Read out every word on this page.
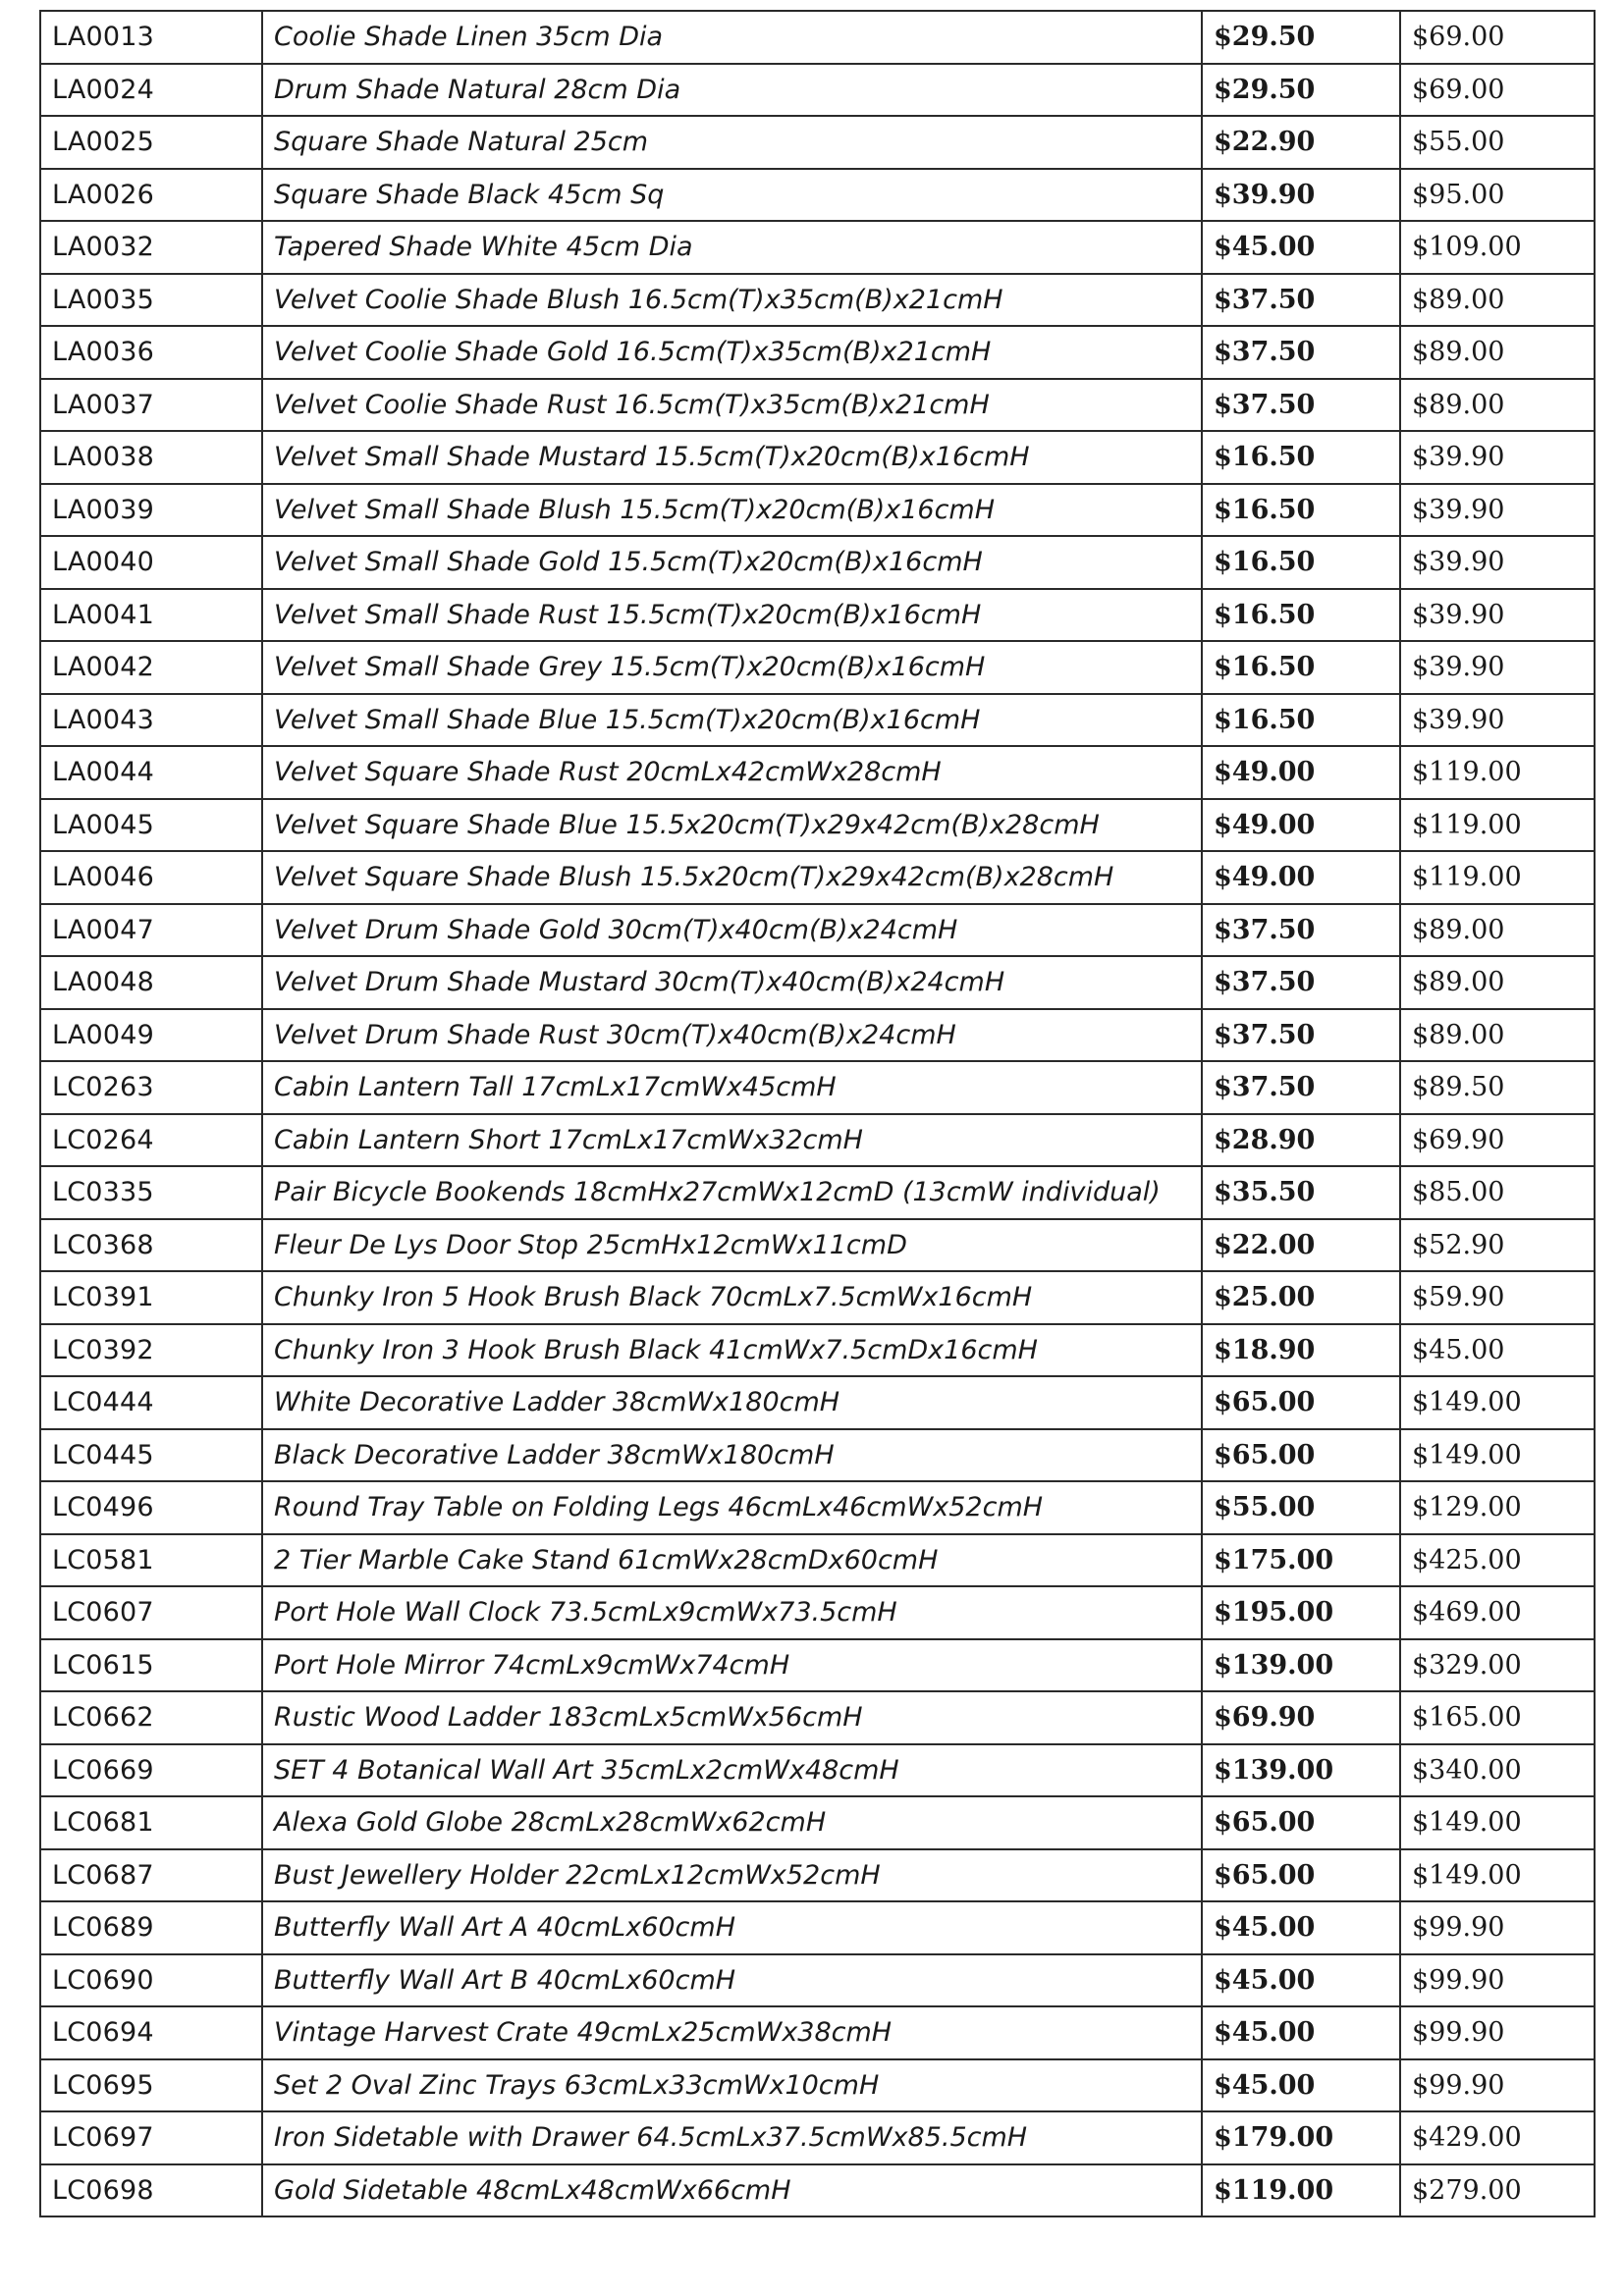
LA0013	Coolie Shade Linen 35cm Dia	$29.50	$69.00
LA0024	Drum Shade Natural 28cm Dia	$29.50	$69.00
LA0025	Square Shade Natural 25cm	$22.90	$55.00
LA0026	Square Shade Black 45cm Sq	$39.90	$95.00
LA0032	Tapered Shade White 45cm Dia	$45.00	$109.00
LA0035	Velvet Coolie Shade Blush 16.5cm(T)x35cm(B)x21cmH	$37.50	$89.00
LA0036	Velvet Coolie Shade Gold 16.5cm(T)x35cm(B)x21cmH	$37.50	$89.00
LA0037	Velvet Coolie Shade Rust 16.5cm(T)x35cm(B)x21cmH	$37.50	$89.00
LA0038	Velvet Small Shade Mustard 15.5cm(T)x20cm(B)x16cmH	$16.50	$39.90
LA0039	Velvet Small Shade Blush 15.5cm(T)x20cm(B)x16cmH	$16.50	$39.90
LA0040	Velvet Small Shade Gold 15.5cm(T)x20cm(B)x16cmH	$16.50	$39.90
LA0041	Velvet Small Shade Rust 15.5cm(T)x20cm(B)x16cmH	$16.50	$39.90
LA0042	Velvet Small Shade Grey 15.5cm(T)x20cm(B)x16cmH	$16.50	$39.90
LA0043	Velvet Small Shade Blue 15.5cm(T)x20cm(B)x16cmH	$16.50	$39.90
LA0044	Velvet Square Shade Rust 20cmLx42cmWx28cmH	$49.00	$119.00
LA0045	Velvet Square Shade Blue 15.5x20cm(T)x29x42cm(B)x28cmH	$49.00	$119.00
LA0046	Velvet Square Shade Blush 15.5x20cm(T)x29x42cm(B)x28cmH	$49.00	$119.00
LA0047	Velvet Drum Shade Gold 30cm(T)x40cm(B)x24cmH	$37.50	$89.00
LA0048	Velvet Drum Shade Mustard 30cm(T)x40cm(B)x24cmH	$37.50	$89.00
LA0049	Velvet Drum Shade Rust 30cm(T)x40cm(B)x24cmH	$37.50	$89.00
LC0263	Cabin Lantern Tall 17cmLx17cmWx45cmH	$37.50	$89.50
LC0264	Cabin Lantern Short 17cmLx17cmWx32cmH	$28.90	$69.90
LC0335	Pair Bicycle Bookends 18cmHx27cmWx12cmD (13cmW individual)	$35.50	$85.00
LC0368	Fleur De Lys Door Stop 25cmHx12cmWx11cmD	$22.00	$52.90
LC0391	Chunky Iron 5 Hook Brush Black 70cmLx7.5cmWx16cmH	$25.00	$59.90
LC0392	Chunky Iron 3 Hook Brush Black 41cmWx7.5cmDx16cmH	$18.90	$45.00
LC0444	White Decorative Ladder 38cmWx180cmH	$65.00	$149.00
LC0445	Black Decorative Ladder 38cmWx180cmH	$65.00	$149.00
LC0496	Round Tray Table on Folding Legs 46cmLx46cmWx52cmH	$55.00	$129.00
LC0581	2 Tier Marble Cake Stand 61cmWx28cmDx60cmH	$175.00	$425.00
LC0607	Port Hole Wall Clock 73.5cmLx9cmWx73.5cmH	$195.00	$469.00
LC0615	Port Hole Mirror 74cmLx9cmWx74cmH	$139.00	$329.00
LC0662	Rustic Wood Ladder 183cmLx5cmWx56cmH	$69.90	$165.00
LC0669	SET 4 Botanical Wall Art 35cmLx2cmWx48cmH	$139.00	$340.00
LC0681	Alexa Gold Globe 28cmLx28cmWx62cmH	$65.00	$149.00
LC0687	Bust Jewellery Holder 22cmLx12cmWx52cmH	$65.00	$149.00
LC0689	Butterfly Wall Art A 40cmLx60cmH	$45.00	$99.90
LC0690	Butterfly Wall Art B 40cmLx60cmH	$45.00	$99.90
LC0694	Vintage Harvest Crate 49cmLx25cmWx38cmH	$45.00	$99.90
LC0695	Set 2 Oval Zinc Trays 63cmLx33cmWx10cmH	$45.00	$99.90
LC0697	Iron Sidetable with Drawer 64.5cmLx37.5cmWx85.5cmH	$179.00	$429.00
LC0698	Gold Sidetable 48cmLx48cmWx66cmH	$119.00	$279.00
